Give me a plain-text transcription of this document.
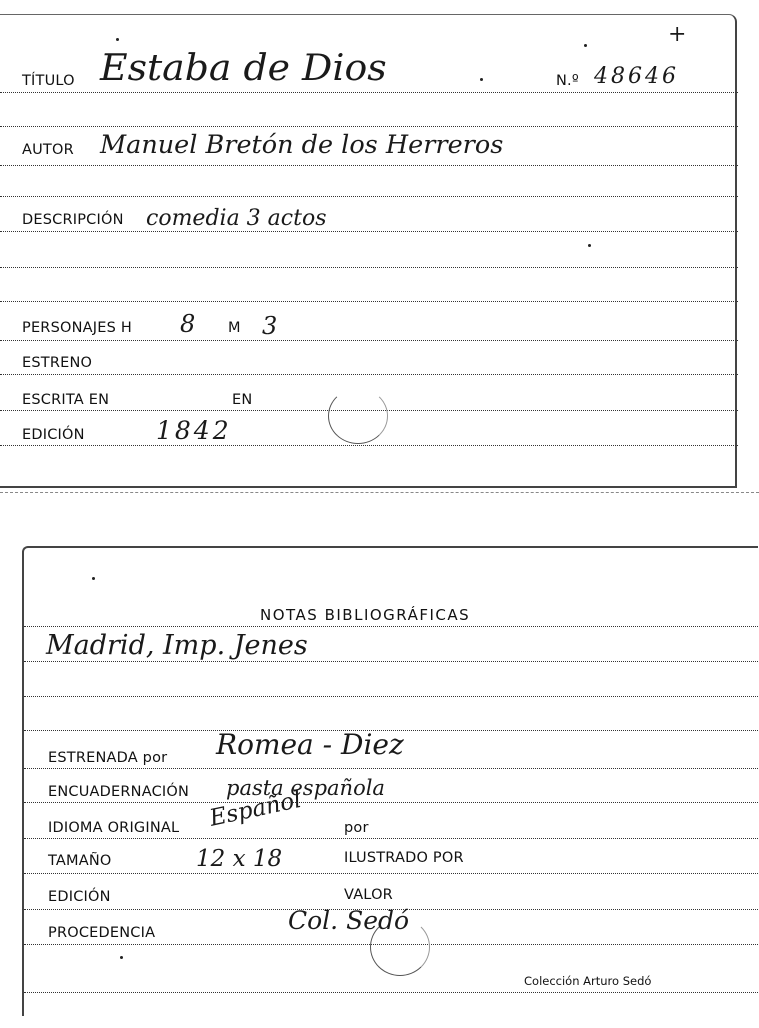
+
TÍTULO Estaba de Dios	N.º 48646
AUTOR Manuel Bretón de los Herreros
DESCRIPCIÓN comedia 3 actos
PERSONAJES H 8 M 3
ESTRENO
ESCRITA EN	EN
EDICIÓN	1842
NOTAS BIBLIOGRÁFICAS
Madrid, Imp. Jenes
ESTRENADA por Romea - Diez
ENCUADERNACIÓN pasta española
IDIOMA ORIGINAL Español	por
TAMAÑO	12 x 18	ILUSTRADO POR
EDICIÓN	VALOR
PROCEDENCIA	Col. Sedó
Colección Arturo Sedó
